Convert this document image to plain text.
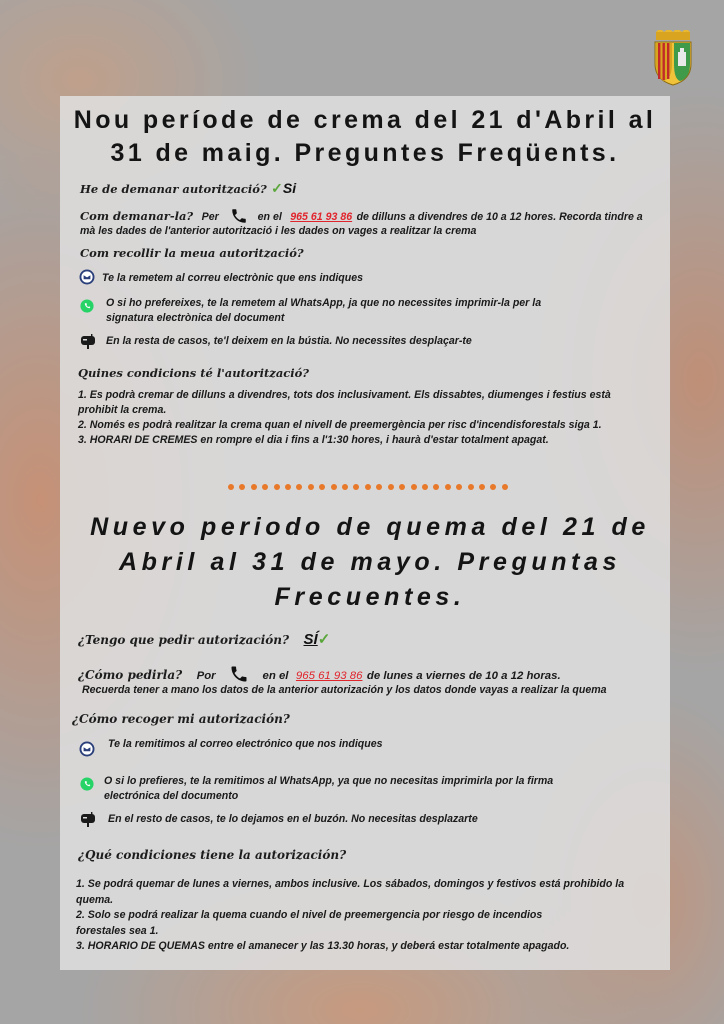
Nou període de crema del 21 d'Abril al
31 de maig. Preguntes Freqüents.
He de demanar autorització? ✓Si
Com demanar-la? Per	en el 965 61 93 86 de dilluns a divendres de 10 a 12 hores. Recorda tindre a
mà les dades de l'anterior autorització i les dades on vages a realitzar la crema
Com recollir la meua autorització?
Te la remetem al correu electrònic que ens indiques
O si ho prefereixes, te la remetem al WhatsApp, ja que no necessites imprimir-la per la
signatura electrònica del document
En la resta de casos, te'l deixem en la bústia. No necessites desplaçar-te
Quines condicions té l'autorització?
1. Es podrà cremar de dilluns a divendres, tots dos inclusivament. Els dissabtes, diumenges i festius està
prohibit la crema.
2. Només es podrà realitzar la crema quan el nivell de preemergència per risc d'incendisforestals siga 1.
3. HORARI DE CREMES en rompre el dia i fins a l'1:30 hores, i haurà d'estar totalment apagat.
Nuevo periodo de quema del 21 de
Abril al 31 de mayo. Preguntas
Frecuentes.
¿Tengo que pedir autorización? SÍ✓
¿Cómo pedirla? Por	en el 965 61 93 86 de lunes a viernes de 10 a 12 horas.
Recuerda tener a mano los datos de la anterior autorización y los datos donde vayas a realizar la quema
¿Cómo recoger mi autorización?
Te la remitimos al correo electrónico que nos indiques
O si lo prefieres, te la remitimos al WhatsApp, ya que no necesitas imprimirla por la firma
electrónica del documento
En el resto de casos, te lo dejamos en el buzón. No necesitas desplazarte
¿Qué condiciones tiene la autorización?
1. Se podrá quemar de lunes a viernes, ambos inclusive. Los sábados, domingos y festivos está prohibido la
quema.
2. Solo se podrá realizar la quema cuando el nivel de preemergencia por riesgo de incendios
forestales sea 1.
3. HORARIO DE QUEMAS entre el amanecer y las 13.30 horas, y deberá estar totalmente apagado.
